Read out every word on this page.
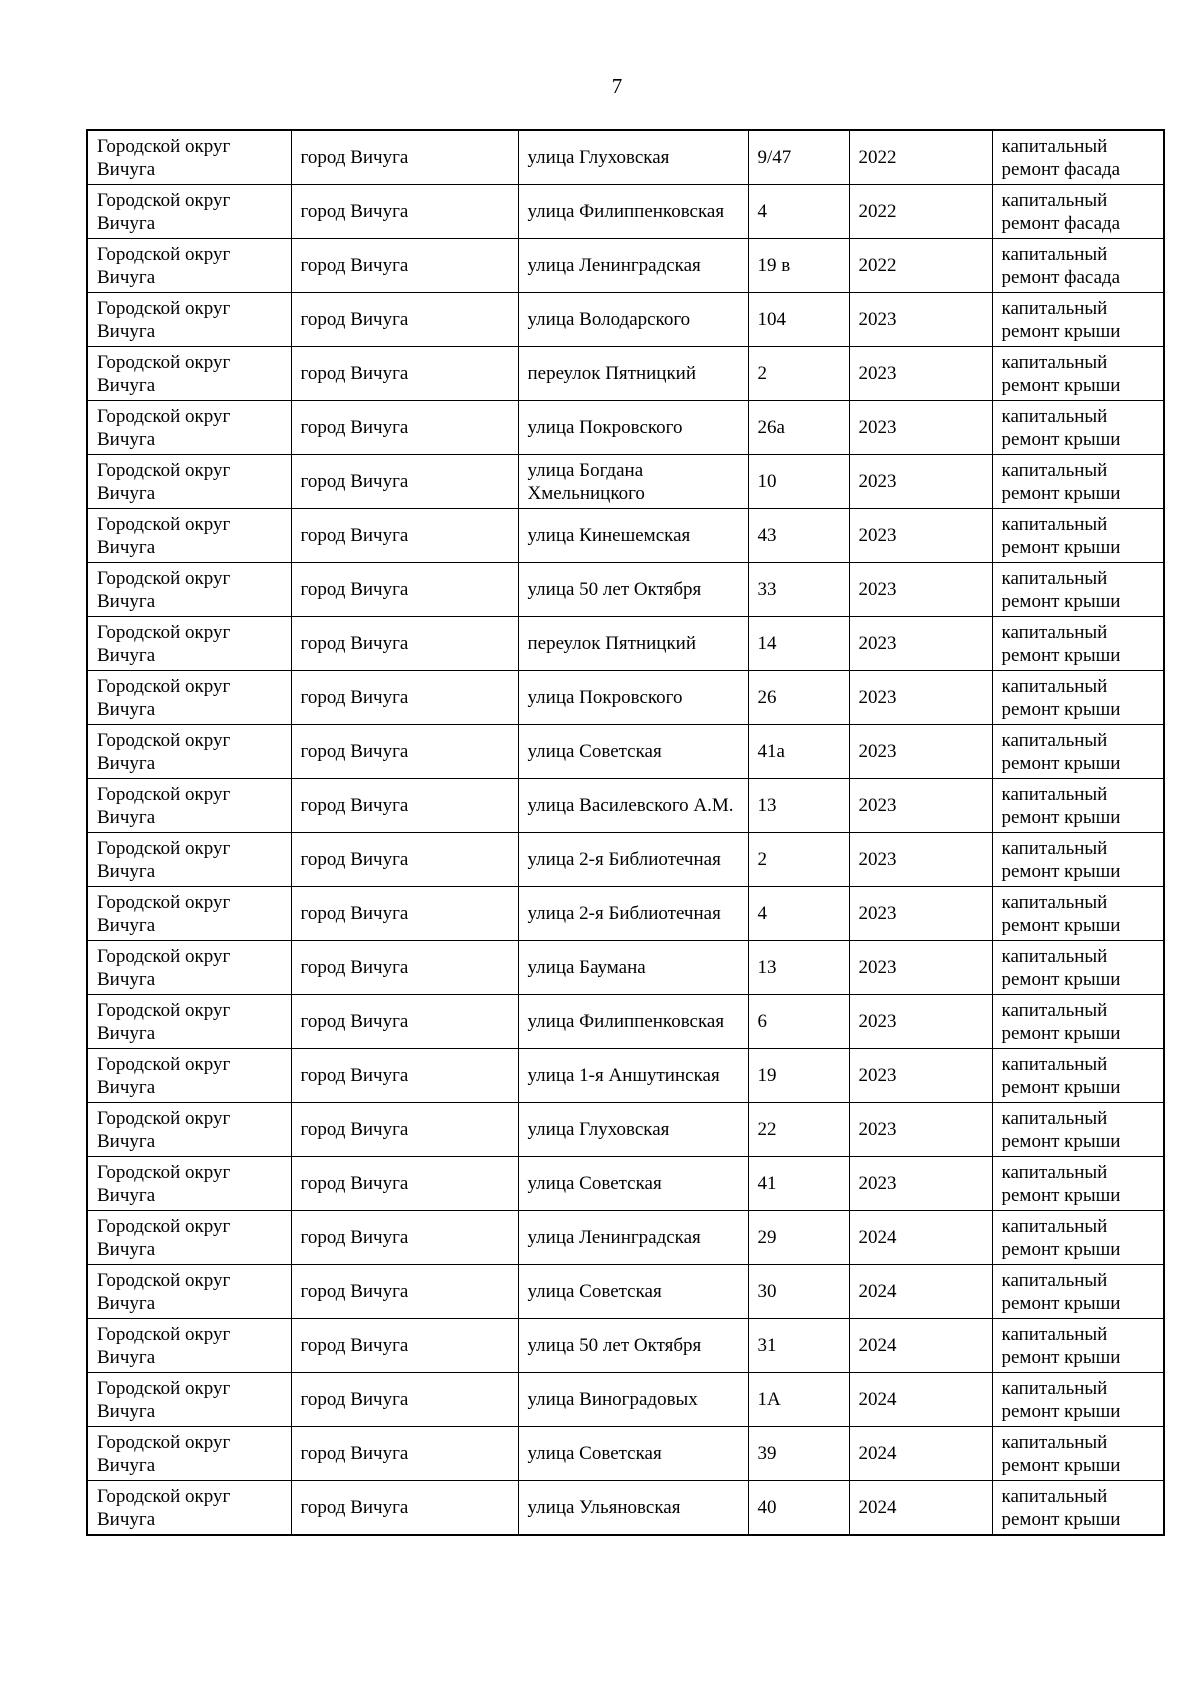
7
Городской округ Вичуга	город Вичуга	улица Глуховская	9/47	2022	капитальный ремонт фасада
Городской округ Вичуга	город Вичуга	улица Филиппенковская	4	2022	капитальный ремонт фасада
Городской округ Вичуга	город Вичуга	улица Ленинградская	19 в	2022	капитальный ремонт фасада
Городской округ Вичуга	город Вичуга	улица Володарского	104	2023	капитальный ремонт крыши
Городской округ Вичуга	город Вичуга	переулок Пятницкий	2	2023	капитальный ремонт крыши
Городской округ Вичуга	город Вичуга	улица Покровского	26а	2023	капитальный ремонт крыши
Городской округ Вичуга	город Вичуга	улица Богдана Хмельницкого	10	2023	капитальный ремонт крыши
Городской округ Вичуга	город Вичуга	улица Кинешемская	43	2023	капитальный ремонт крыши
Городской округ Вичуга	город Вичуга	улица 50 лет Октября	33	2023	капитальный ремонт крыши
Городской округ Вичуга	город Вичуга	переулок Пятницкий	14	2023	капитальный ремонт крыши
Городской округ Вичуга	город Вичуга	улица Покровского	26	2023	капитальный ремонт крыши
Городской округ Вичуга	город Вичуга	улица Советская	41а	2023	капитальный ремонт крыши
Городской округ Вичуга	город Вичуга	улица Василевского А.М.	13	2023	капитальный ремонт крыши
Городской округ Вичуга	город Вичуга	улица 2-я Библиотечная	2	2023	капитальный ремонт крыши
Городской округ Вичуга	город Вичуга	улица 2-я Библиотечная	4	2023	капитальный ремонт крыши
Городской округ Вичуга	город Вичуга	улица Баумана	13	2023	капитальный ремонт крыши
Городской округ Вичуга	город Вичуга	улица Филиппенковская	6	2023	капитальный ремонт крыши
Городской округ Вичуга	город Вичуга	улица 1-я Аншутинская	19	2023	капитальный ремонт крыши
Городской округ Вичуга	город Вичуга	улица Глуховская	22	2023	капитальный ремонт крыши
Городской округ Вичуга	город Вичуга	улица Советская	41	2023	капитальный ремонт крыши
Городской округ Вичуга	город Вичуга	улица Ленинградская	29	2024	капитальный ремонт крыши
Городской округ Вичуга	город Вичуга	улица Советская	30	2024	капитальный ремонт крыши
Городской округ Вичуга	город Вичуга	улица 50 лет Октября	31	2024	капитальный ремонт крыши
Городской округ Вичуга	город Вичуга	улица Виноградовых	1А	2024	капитальный ремонт крыши
Городской округ Вичуга	город Вичуга	улица Советская	39	2024	капитальный ремонт крыши
Городской округ Вичуга	город Вичуга	улица Ульяновская	40	2024	капитальный ремонт крыши
